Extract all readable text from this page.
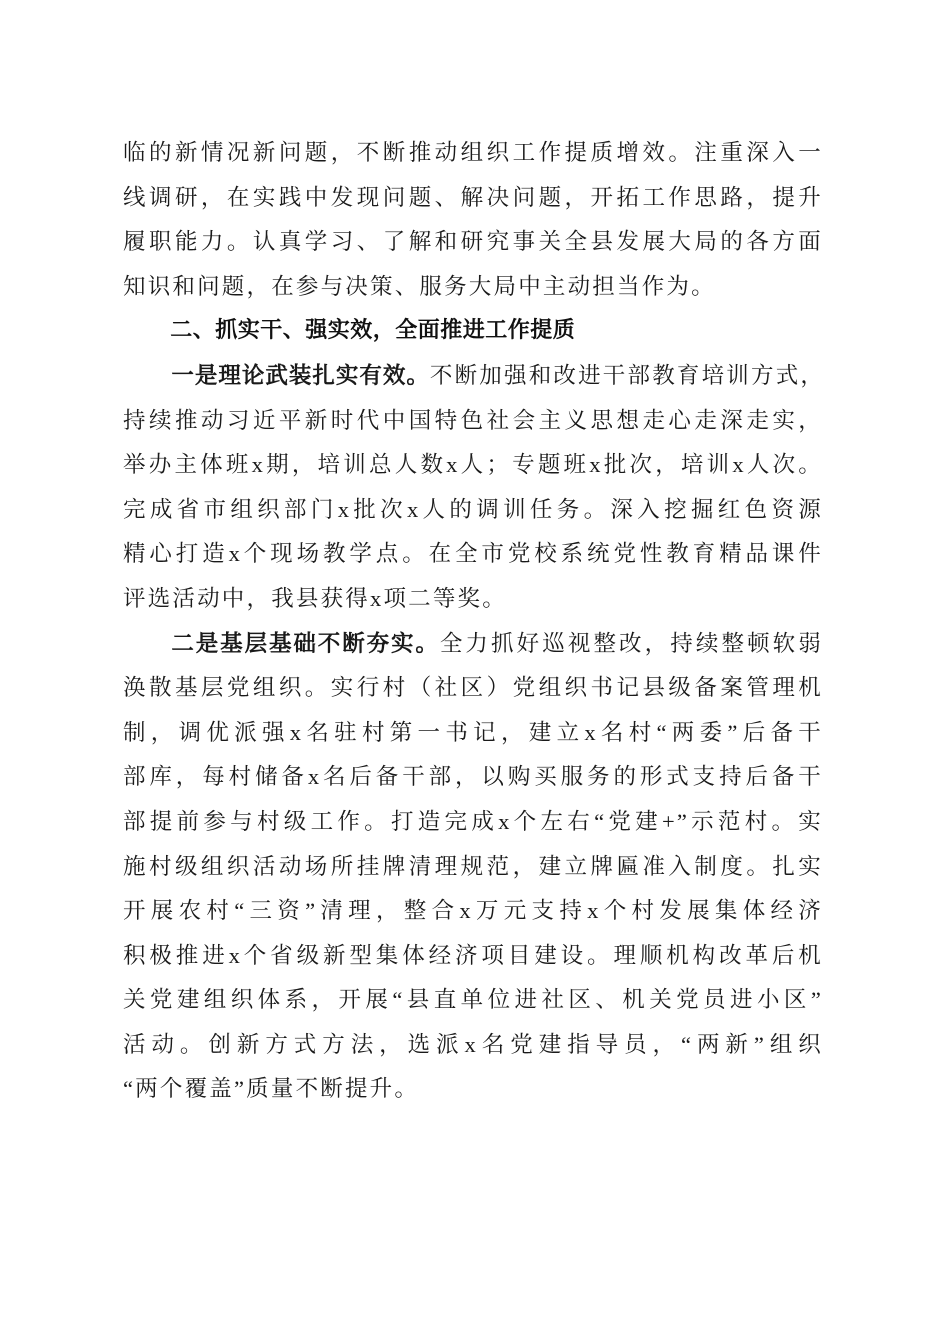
临的新情况新问题，不断推动组织工作提质增效。注重深入一
线调研，在实践中发现问题、解决问题，开拓工作思路，提升
履职能力。认真学习、了解和研究事关全县发展大局的各方面
知识和问题，在参与决策、服务大局中主动担当作为。

二、抓实干、强实效，全面推进工作提质

一是理论武装扎实有效。不断加强和改进干部教育培训方式，
持续推动习近平新时代中国特色社会主义思想走心走深走实，
举办主体班x期，培训总人数x人；专题班x批次，培训x人次。
完成省市组织部门x批次x人的调训任务。深入挖掘红色资源
精心打造x个现场教学点。在全市党校系统党性教育精品课件
评选活动中，我县获得x项二等奖。

二是基层基础不断夯实。全力抓好巡视整改，持续整顿软弱
涣散基层党组织。实行村（社区）党组织书记县级备案管理机
制，调优派强x名驻村第一书记，建立x名村“两委”后备干
部库，每村储备x名后备干部，以购买服务的形式支持后备干
部提前参与村级工作。打造完成x个左右“党建+”示范村。实
施村级组织活动场所挂牌清理规范，建立牌匾准入制度。扎实
开展农村“三资”清理，整合x万元支持x个村发展集体经济
积极推进x个省级新型集体经济项目建设。理顺机构改革后机
关党建组织体系，开展“县直单位进社区、机关党员进小区”
活动。创新方式方法，选派x名党建指导员，“两新”组织
“两个覆盖”质量不断提升。
